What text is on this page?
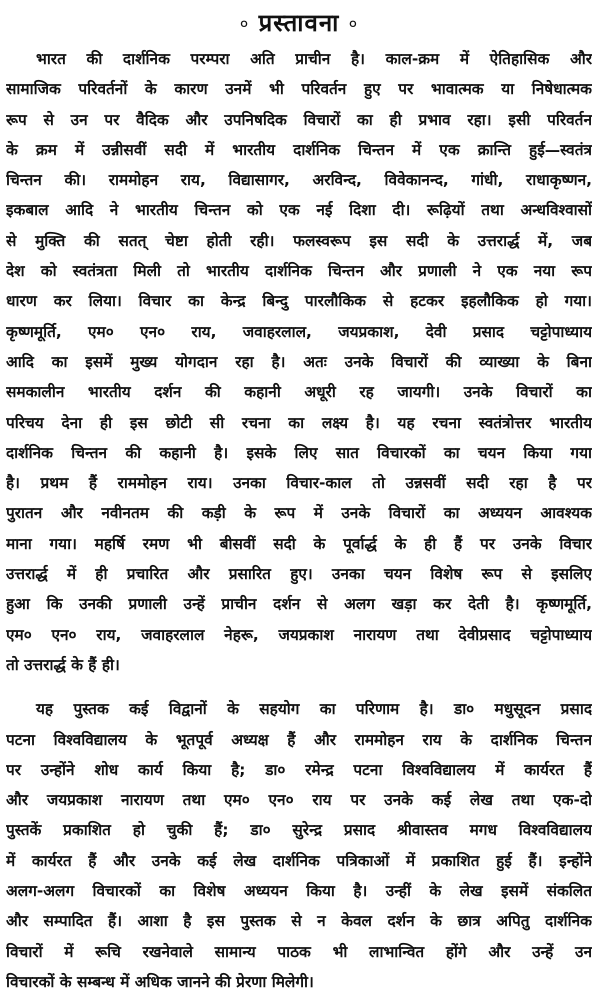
० प्रस्तावना ०
भारत की दार्शनिक परम्परा अति प्राचीन है। काल-क्रम में ऐतिहासिक और
सामाजिक परिवर्तनों के कारण उनमें भी परिवर्तन हुए पर भावात्मक या निषेधात्मक
रूप से उन पर वैदिक और उपनिषदिक विचारों का ही प्रभाव रहा। इसी परिवर्तन
के क्रम में उन्नीसवीं सदी में भारतीय दार्शनिक चिन्तन में एक क्रान्ति हुई—स्वतंत्र
चिन्तन की। राममोहन राय, विद्यासागर, अरविन्द, विवेकानन्द, गांधी, राधाकृष्णन,
इकबाल आदि ने भारतीय चिन्तन को एक नई दिशा दी। रूढ़ियों तथा अन्धविश्वासों
से मुक्ति की सतत् चेष्टा होती रही। फलस्वरूप इस सदी के उत्तरार्द्ध में, जब
देश को स्वतंत्रता मिली तो भारतीय दार्शनिक चिन्तन और प्रणाली ने एक नया रूप
धारण कर लिया। विचार का केन्द्र बिन्दु पारलौकिक से हटकर इहलौकिक हो गया।
कृष्णमूर्ति, एम० एन० राय, जवाहरलाल, जयप्रकाश, देवी प्रसाद चट्टोपाध्याय
आदि का इसमें मुख्य योगदान रहा है। अतः उनके विचारों की व्याख्या के बिना
समकालीन भारतीय दर्शन की कहानी अधूरी रह जायगी। उनके विचारों का
परिचय देना ही इस छोटी सी रचना का लक्ष्य है। यह रचना स्वतंत्रोत्तर भारतीय
दार्शनिक चिन्तन की कहानी है। इसके लिए सात विचारकों का चयन किया गया
है। प्रथम हैं राममोहन राय। उनका विचार-काल तो उन्नसवीं सदी रहा है पर
पुरातन और नवीनतम की कड़ी के रूप में उनके विचारों का अध्ययन आवश्यक
माना गया। महर्षि रमण भी बीसवीं सदी के पूर्वार्द्ध के ही हैं पर उनके विचार
उत्तरार्द्ध में ही प्रचारित और प्रसारित हुए। उनका चयन विशेष रूप से इसलिए
हुआ कि उनकी प्रणाली उन्हें प्राचीन दर्शन से अलग खड़ा कर देती है। कृष्णमूर्ति,
एम० एन० राय, जवाहरलाल नेहरू, जयप्रकाश नारायण तथा देवीप्रसाद चट्टोपाध्याय
तो उत्तरार्द्ध के हैं ही।
यह पुस्तक कई विद्वानों के सहयोग का परिणाम है। डा० मधुसूदन प्रसाद
पटना विश्वविद्यालय के भूतपूर्व अध्यक्ष हैं और राममोहन राय के दार्शनिक चिन्तन
पर उन्होंने शोध कार्य किया है; डा० रमेन्द्र पटना विश्वविद्यालय में कार्यरत हैं
और जयप्रकाश नारायण तथा एम० एन० राय पर उनके कई लेख तथा एक-दो
पुस्तकें प्रकाशित हो चुकी हैं; डा० सुरेन्द्र प्रसाद श्रीवास्तव मगध विश्वविद्यालय
में कार्यरत हैं और उनके कई लेख दार्शनिक पत्रिकाओं में प्रकाशित हुई हैं। इन्होंने
अलग-अलग विचारकों का विशेष अध्ययन किया है। उन्हीं के लेख इसमें संकलित
और सम्पादित हैं। आशा है इस पुस्तक से न केवल दर्शन के छात्र अपितु दार्शनिक
विचारों में रूचि रखनेवाले सामान्य पाठक भी लाभान्वित होंगे और उन्हें उन
विचारकों के सम्बन्ध में अधिक जानने की प्रेरणा मिलेगी।
